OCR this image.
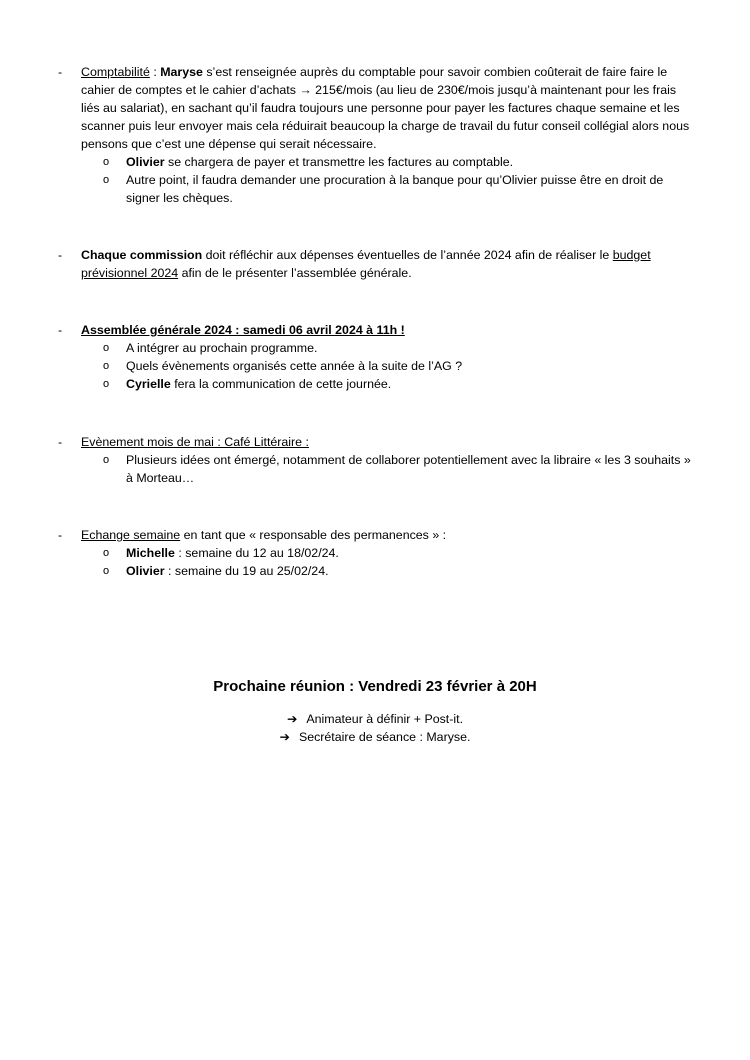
-	Comptabilité : Maryse s’est renseignée auprès du comptable pour savoir combien coûterait de faire faire le cahier de comptes et le cahier d’achats → 215€/mois (au lieu de 230€/mois jusqu’à maintenant pour les frais liés au salariat), en sachant qu’il faudra toujours une personne pour payer les factures chaque semaine et les scanner puis leur envoyer mais cela réduirait beaucoup la charge de travail du futur conseil collégial alors nous pensons que c’est une dépense qui serait nécessaire.
o	Olivier se chargera de payer et transmettre les factures au comptable.
o	Autre point, il faudra demander une procuration à la banque pour qu’Olivier puisse être en droit de signer les chèques.
-	Chaque commission doit réfléchir aux dépenses éventuelles de l’année 2024 afin de réaliser le budget prévisionnel 2024 afin de le présenter l’assemblée générale.
-	Assemblée générale 2024 : samedi 06 avril 2024 à 11h !
o	A intégrer au prochain programme.
o	Quels évènements organisés cette année à la suite de l’AG ?
o	Cyrielle fera la communication de cette journée.
-	Evènement mois de mai : Café Littéraire :
o	Plusieurs idées ont émergé, notamment de collaborer potentiellement avec la libraire « les 3 souhaits » à Morteau…
-	Echange semaine en tant que « responsable des permanences » :
o	Michelle : semaine du 12 au 18/02/24.
o	Olivier : semaine du 19 au 25/02/24.
Prochaine réunion : Vendredi 23 février à 20H
➔ Animateur à définir + Post-it.
➔ Secrétaire de séance : Maryse.
